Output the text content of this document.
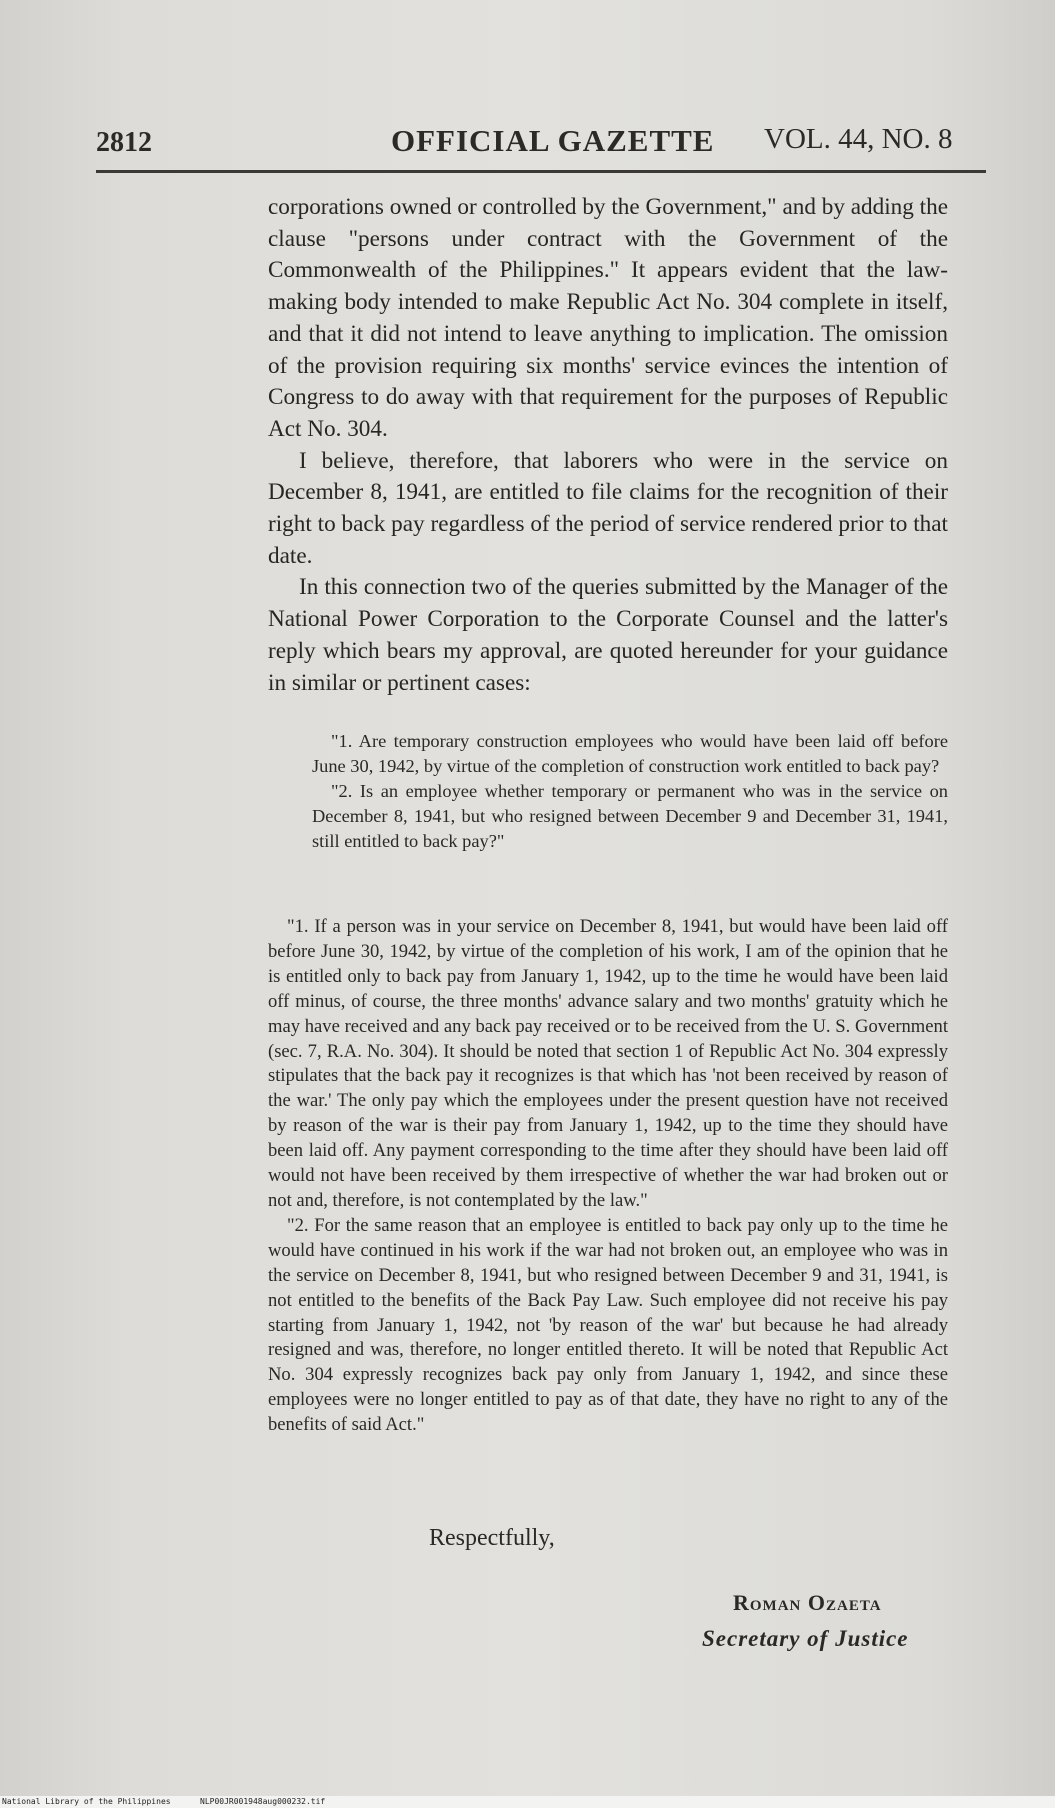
2812	OFFICIAL GAZETTE VOL. 44, NO. 8

corporations owned or controlled by the Government," and by adding the clause "persons under contract with the Government of the Commonwealth of the Philippines." It appears evident that the law-making body intended to make Republic Act No. 304 complete in itself, and that it did not intend to leave anything to implication. The omission of the provision requiring six months' service evinces the intention of Congress to do away with that requirement for the purposes of Republic Act No. 304.

I believe, therefore, that laborers who were in the service on December 8, 1941, are entitled to file claims for the recognition of their right to back pay regardless of the period of service rendered prior to that date.

In this connection two of the queries submitted by the Manager of the National Power Corporation to the Corporate Counsel and the latter's reply which bears my approval, are quoted hereunder for your guidance in similar or pertinent cases:

"1. Are temporary construction employees who would have been laid off before June 30, 1942, by virtue of the completion of construction work entitled to back pay?

"2. Is an employee whether temporary or permanent who was in the service on December 8, 1941, but who resigned between December 9 and December 31, 1941, still entitled to back pay?"

"1. If a person was in your service on December 8, 1941, but would have been laid off before June 30, 1942, by virtue of the completion of his work, I am of the opinion that he is entitled only to back pay from January 1, 1942, up to the time he would have been laid off minus, of course, the three months' advance salary and two months' gratuity which he may have received and any back pay received or to be received from the U. S. Government (sec. 7, R.A. No. 304). It should be noted that section 1 of Republic Act No. 304 expressly stipulates that the back pay it recognizes is that which has 'not been received by reason of the war.' The only pay which the employees under the present question have not received by reason of the war is their pay from January 1, 1942, up to the time they should have been laid off. Any payment corresponding to the time after they should have been laid off would not have been received by them irrespective of whether the war had broken out or not and, therefore, is not contemplated by the law."

"2. For the same reason that an employee is entitled to back pay only up to the time he would have continued in his work if the war had not broken out, an employee who was in the service on December 8, 1941, but who resigned between December 9 and 31, 1941, is not entitled to the benefits of the Back Pay Law. Such employee did not receive his pay starting from January 1, 1942, not 'by reason of the war' but because he had already resigned and was, therefore, no longer entitled thereto. It will be noted that Republic Act No. 304 expressly recognizes back pay only from January 1, 1942, and since these employees were no longer entitled to pay as of that date, they have no right to any of the benefits of said Act."

Respectfully,
Roman Ozaeta
Secretary of Justice
National Library of the Philippines	NLP00JR001948aug000232.tif
